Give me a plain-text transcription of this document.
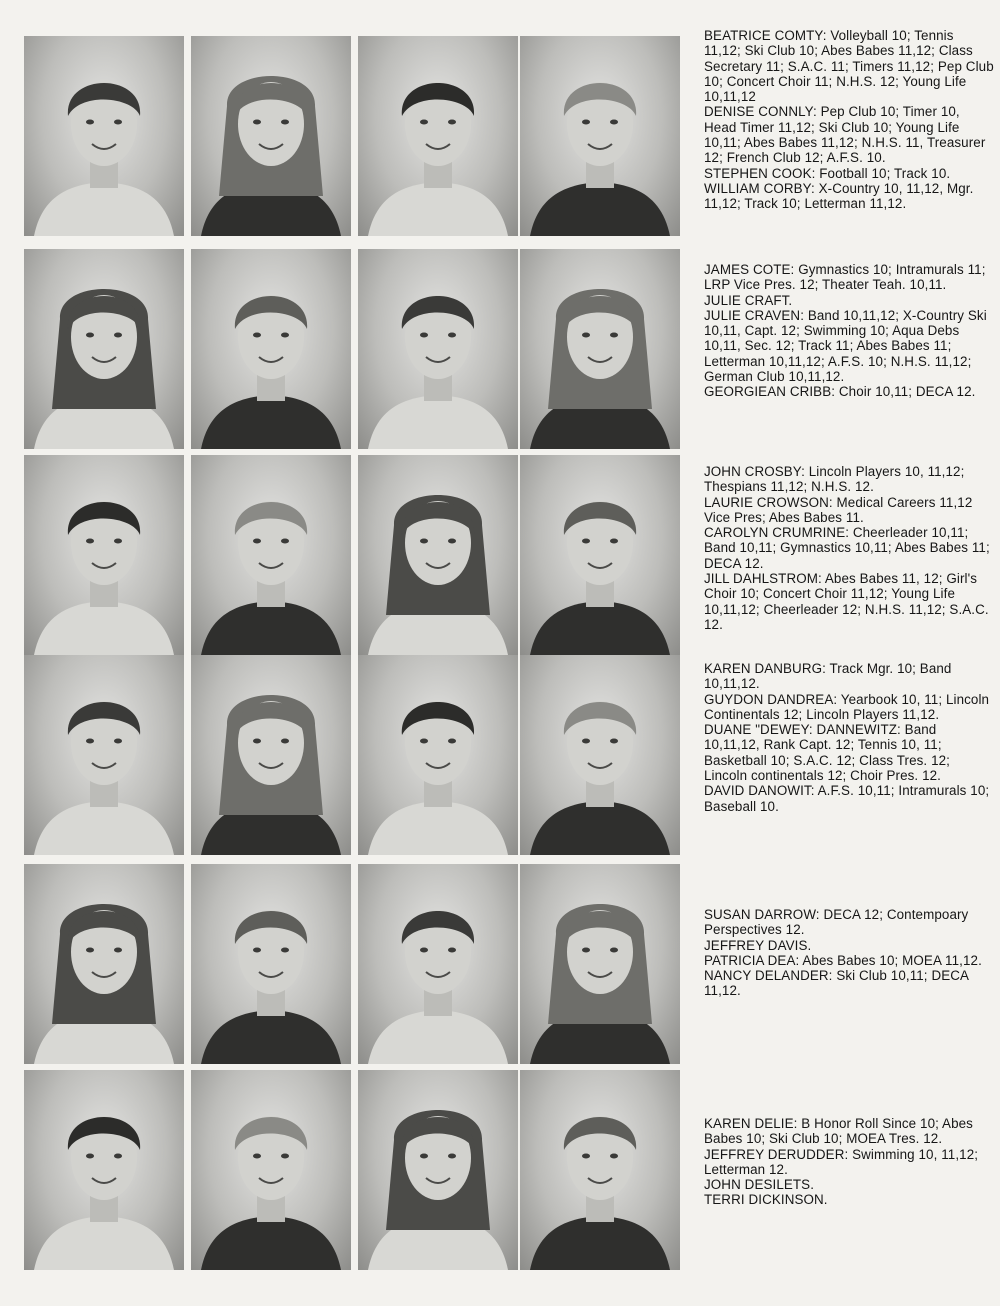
BEATRICE COMTY: Volleyball 10; Tennis 11,12; Ski Club 10; Abes Babes 11,12; Class Secretary 11; S.A.C. 11; Timers 11,12; Pep Club 10; Concert Choir 11; N.H.S. 12; Young Life 10,11,12
DENISE CONNLY: Pep Club 10; Timer 10, Head Timer 11,12; Ski Club 10; Young Life 10,11; Abes Babes 11,12; N.H.S. 11, Treasurer 12; French Club 12; A.F.S. 10.
STEPHEN COOK: Football 10; Track 10.
WILLIAM CORBY: X-Country 10, 11,12, Mgr. 11,12; Track 10; Letterman 11,12.
JAMES COTE: Gymnastics 10; Intramurals 11; LRP Vice Pres. 12; Theater Teah. 10,11.
JULIE CRAFT.
JULIE CRAVEN: Band 10,11,12; X-Country Ski 10,11, Capt. 12; Swimming 10; Aqua Debs 10,11, Sec. 12; Track 11; Abes Babes 11; Letterman 10,11,12; A.F.S. 10; N.H.S. 11,12; German Club 10,11,12.
GEORGIEAN CRIBB: Choir 10,11; DECA 12.
JOHN CROSBY: Lincoln Players 10, 11,12; Thespians 11,12; N.H.S. 12.
LAURIE CROWSON: Medical Careers 11,12 Vice Pres; Abes Babes 11.
CAROLYN CRUMRINE: Cheerleader 10,11; Band 10,11; Gymnastics 10,11; Abes Babes 11; DECA 12.
JILL DAHLSTROM: Abes Babes 11, 12; Girl's Choir 10; Concert Choir 11,12; Young Life 10,11,12; Cheerleader 12; N.H.S. 11,12; S.A.C. 12.
KAREN DANBURG: Track Mgr. 10; Band 10,11,12.
GUYDON DANDREA: Yearbook 10, 11; Lincoln Continentals 12; Lincoln Players 11,12.
DUANE "DEWEY: DANNEWITZ: Band 10,11,12, Rank Capt. 12; Tennis 10, 11; Basketball 10; S.A.C. 12; Class Tres. 12; Lincoln continentals 12; Choir Pres. 12.
DAVID DANOWIT: A.F.S. 10,11; Intramurals 10; Baseball 10.
SUSAN DARROW: DECA 12; Contempoary Perspectives 12.
JEFFREY DAVIS.
PATRICIA DEA: Abes Babes 10; MOEA 11,12.
NANCY DELANDER: Ski Club 10,11; DECA 11,12.
KAREN DELIE: B Honor Roll Since 10; Abes Babes 10; Ski Club 10; MOEA Tres. 12.
JEFFREY DERUDDER: Swimming 10, 11,12; Letterman 12.
JOHN DESILETS.
TERRI DICKINSON.
